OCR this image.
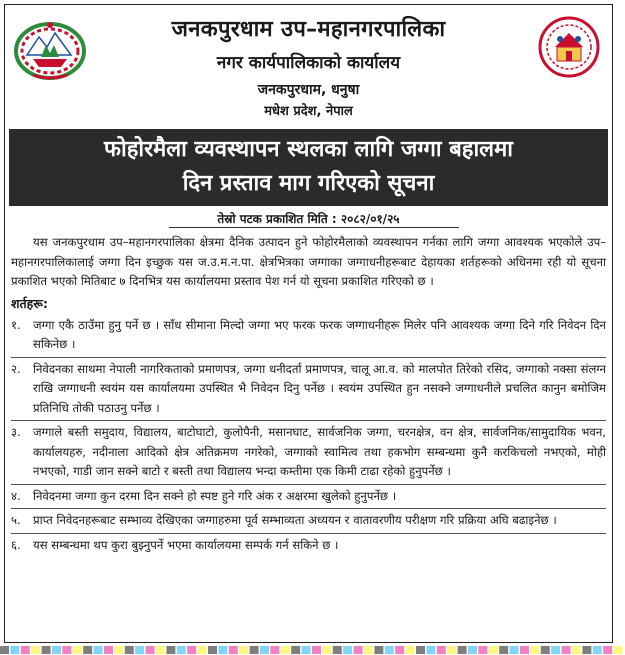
जनकपुरधाम उप–महानगरपालिका
नगर कार्यपालिकाको कार्यालय
जनकपुरधाम, धनुषा
मधेश प्रदेश, नेपाल
फोहोरमैला व्यवस्थापन स्थलका लागि जग्गा बहालमा
दिन प्रस्ताव माग गरिएको सूचना
तेस्रो पटक प्रकाशित मिति : २०८२/०१/२५

यस जनकपुरधाम उप–महानगरपालिका क्षेत्रमा दैनिक उत्पादन हुने फोहोरमैलाको व्यवस्थापन गर्नका लागि जग्गा आवश्यक भएकोले उप–महानगरपालिकालाई जग्गा दिन इच्छुक यस ज.उ.म.न.पा. क्षेत्रभित्रका जग्गाका जग्गाधनीहरूबाट देहायका शर्तहरूको अधिनमा रही यो सूचना प्रकाशित भएको मितिबाट ७ दिनभित्र यस कार्यालयमा प्रस्ताव पेश गर्न यो सूचना प्रकाशित गरिएको छ ।

शर्तहरू:
१.	जग्गा एकै ठाउँमा हुनु पर्ने छ । साँध सीमाना मिल्दो जग्गा भए फरक फरक जग्गाधनीहरू मिलेर पनि आवश्यक जग्गा दिने गरि निवेदन दिन सकिनेछ ।
२.	निवेदनका साथमा नेपाली नागरिकताको प्रमाणपत्र, जग्गा धनीदर्ता प्रमाणपत्र, चालू आ.व. को मालपोत तिरेको रसिद, जग्गाको नक्सा संलग्न राखि जग्गाधनी स्वयंम यस कार्यालयमा उपस्थित भै निवेदन दिनु पर्नेछ । स्वयंम उपस्थित हुन नसक्ने जग्गाधनीले प्रचलित कानुन बमोजिम प्रतिनिधि तोकी पठाउनु पर्नेछ ।
३.	जग्गाले बस्ती समुदाय, विद्यालय, बाटोघाटो, कुलोपैनी, मसानघाट, सार्वजनिक जग्गा, चरनक्षेत्र, वन क्षेत्र, सार्वजनिक/सामुदायिक भवन, कार्यालयहरु, नदीनाला आदिको क्षेत्र अतिक्रमण नगरेको, जग्गाको स्वामित्व तथा हकभोग सम्बन्धमा कुनै करकिचलो नभएको, मोही नभएको, गाडी जान सक्ने बाटो र बस्ती तथा विद्यालय भन्दा कम्तीमा एक किमी टाढा रहेको हुनुपर्नेछ ।
४.	निवेदनमा जग्गा कुन दरमा दिन सक्ने हो स्पष्ट हुने गरि अंक र अक्षरमा खुलेको हुनुपर्नेछ ।
५.	प्राप्त निवेदनहरूबाट सम्भाव्य देखिएका जग्गाहरुमा पूर्व सम्भाव्यता अध्ययन र वातावरणीय परीक्षण गरि प्रक्रिया अघि बढाइनेछ ।
६.	यस सम्बन्धमा थप कुरा बुझ्नुपर्ने भएमा कार्यालयमा सम्पर्क गर्न सकिने छ ।
